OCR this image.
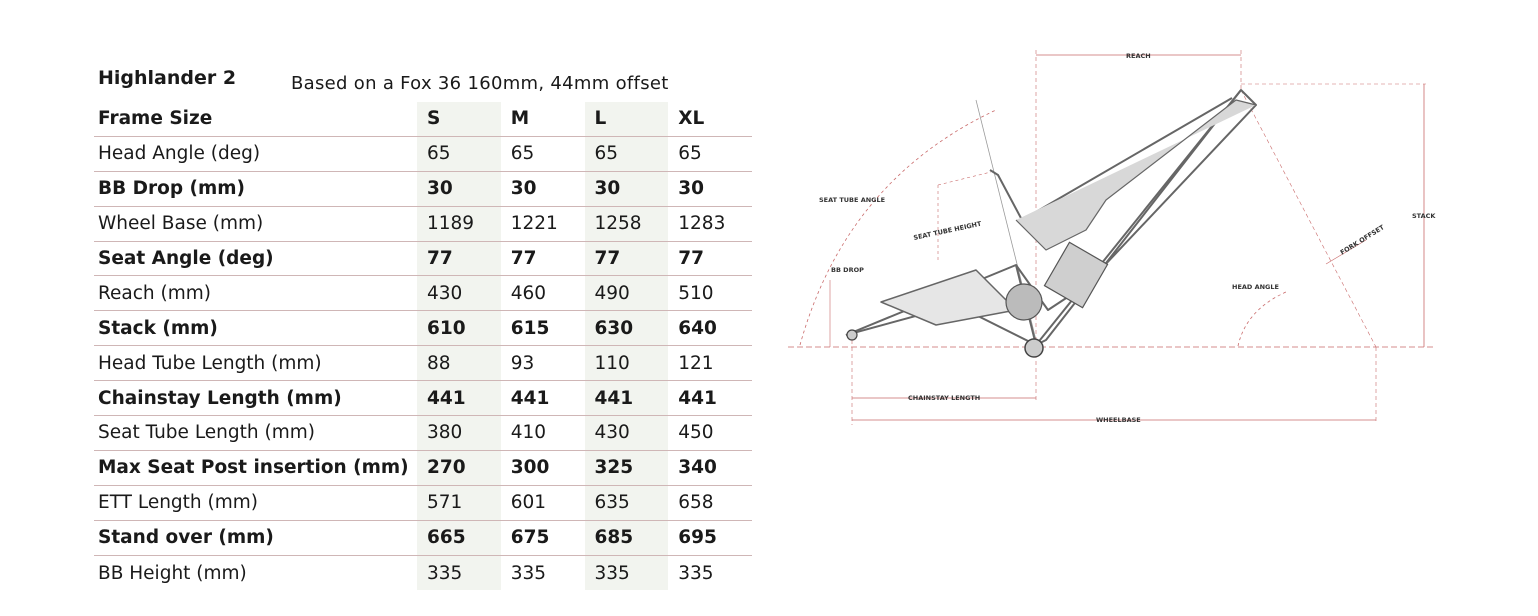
Highlander 2	Based on a Fox 36 160mm, 44mm offset
Frame Size	S	M	L	XL
Head Angle (deg)	65	65	65	65
BB Drop (mm)	30	30	30	30
Wheel Base (mm)	1189	1221	1258	1283
Seat Angle (deg)	77	77	77	77
Reach (mm)	430	460	490	510
Stack (mm)	610	615	630	640
Head Tube Length (mm)	88	93	110	121
Chainstay Length (mm)	441	441	441	441
Seat Tube Length (mm)	380	410	430	450
Max Seat Post insertion (mm) 270	300	325	340
ETT Length (mm)	571	601	635	658
Stand over (mm)	665	675	685	695
BB Height (mm)	335	335	335	335
REACH
STACK
SEAT TUBE ANGLE
SEAT TUBE HEIGHT
BB DROP
FORK OFFSET
HEAD ANGLE
CHAINSTAY LENGTH
WHEELBASE
